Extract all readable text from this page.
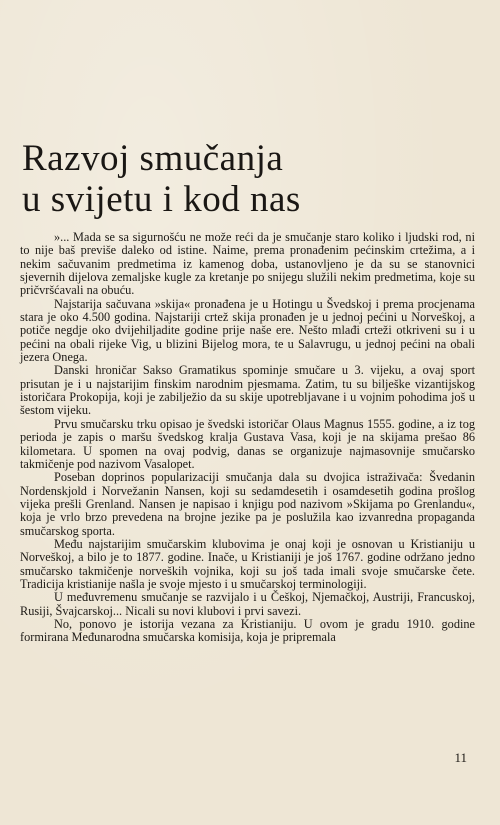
Razvoj smučanja
u svijetu i kod nas

»... Mada se sa sigurnošću ne može reći da je smučanje staro koliko i ljudski rod, ni to nije baš previše daleko od istine. Naime, prema pronađenim pećinskim crtežima, a i nekim sačuvanim predmetima iz kamenog doba, ustanovljeno je da su se stanovnici sjevernih dijelova zemaljske kugle za kretanje po snijegu služili nekim predmetima, koje su pričvršćavali na obuću.

Najstarija sačuvana »skija« pronađena je u Hotingu u Švedskoj i prema procjenama stara je oko 4.500 godina. Najstariji crtež skija pronađen je u jednoj pećini u Norveškoj, a potiče negdje oko dvijehiljadite godine prije naše ere. Nešto mlađi crteži otkriveni su i u pećini na obali rijeke Vig, u blizini Bijelog mora, te u Salavrugu, u jednoj pećini na obali jezera Onega.

Danski hroničar Sakso Gramatikus spominje smučare u 3. vijeku, a ovaj sport prisutan je i u najstarijim finskim narodnim pjesmama. Zatim, tu su bilješke vizantijskog istoričara Prokopija, koji je zabilježio da su skije upotrebljavane i u vojnim pohodima još u šestom vijeku.

Prvu smučarsku trku opisao je švedski istoričar Olaus Magnus 1555. godine, a iz tog perioda je zapis o maršu švedskog kralja Gustava Vasa, koji je na skijama prešao 86 kilometara. U spomen na ovaj podvig, danas se organizuje najmasovnije smučarsko takmičenje pod nazivom Vasalopet.

Poseban doprinos popularizaciji smučanja dala su dvojica istraživača: Švedanin Nordenskjold i Norvežanin Nansen, koji su sedamdesetih i osamdesetih godina prošlog vijeka prešli Grenland. Nansen je napisao i knjigu pod nazivom »Skijama po Grenlandu«, koja je vrlo brzo prevedena na brojne jezike pa je poslužila kao izvanredna propaganda smučarskog sporta.

Među najstarijim smučarskim klubovima je onaj koji je osnovan u Kristianiju u Norveškoj, a bilo je to 1877. godine. Inače, u Kristianiji je još 1767. godine održano jedno smučarsko takmičenje norveških vojnika, koji su još tada imali svoje smučarske čete. Tradicija kristianije našla je svoje mjesto i u smučarskoj terminologiji.

U međuvremenu smučanje se razvijalo i u Češkoj, Njemačkoj, Austriji, Francuskoj, Rusiji, Švajcarskoj... Nicali su novi klubovi i prvi savezi.

No, ponovo je istorija vezana za Kristianiju. U ovom je gradu 1910. godine formirana Međunarodna smučarska komisija, koja je pripremala

11
